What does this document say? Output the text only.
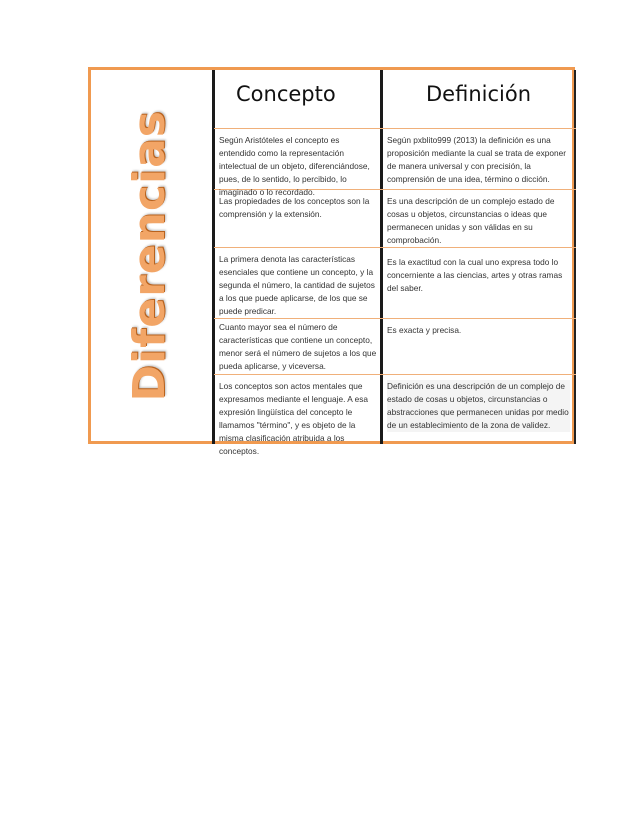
Diferencias
Concepto	Definición
Según Aristóteles el concepto es entendido como la representación intelectual de un objeto, diferenciándose, pues, de lo sentido, lo percibido, lo imaginado o lo recordado.
Según pxblito999 (2013) la definición es una proposición mediante la cual se trata de exponer de manera universal y con precisión, la comprensión de una idea, término o dicción.
Las propiedades de los conceptos son la comprensión y la extensión.
Es una descripción de un complejo estado de cosas u objetos, circunstancias o ideas que permanecen unidas y son válidas en su comprobación.
La primera denota las características esenciales que contiene un concepto, y la segunda el número, la cantidad de sujetos a los que puede aplicarse, de los que se puede predicar.
Es la exactitud con la cual uno expresa todo lo concerniente a las ciencias, artes y otras ramas del saber.
Cuanto mayor sea el número de características que contiene un concepto, menor será el número de sujetos a los que pueda aplicarse, y viceversa.
Es exacta y precisa.
Los conceptos son actos mentales que expresamos mediante el lenguaje. A esa expresión lingüística del concepto le llamamos "término", y es objeto de la misma clasificación atribuida a los conceptos.
Definición es una descripción de un complejo de estado de cosas u objetos, circunstancias o abstracciones que permanecen unidas por medio de un establecimiento de la zona de validez.
